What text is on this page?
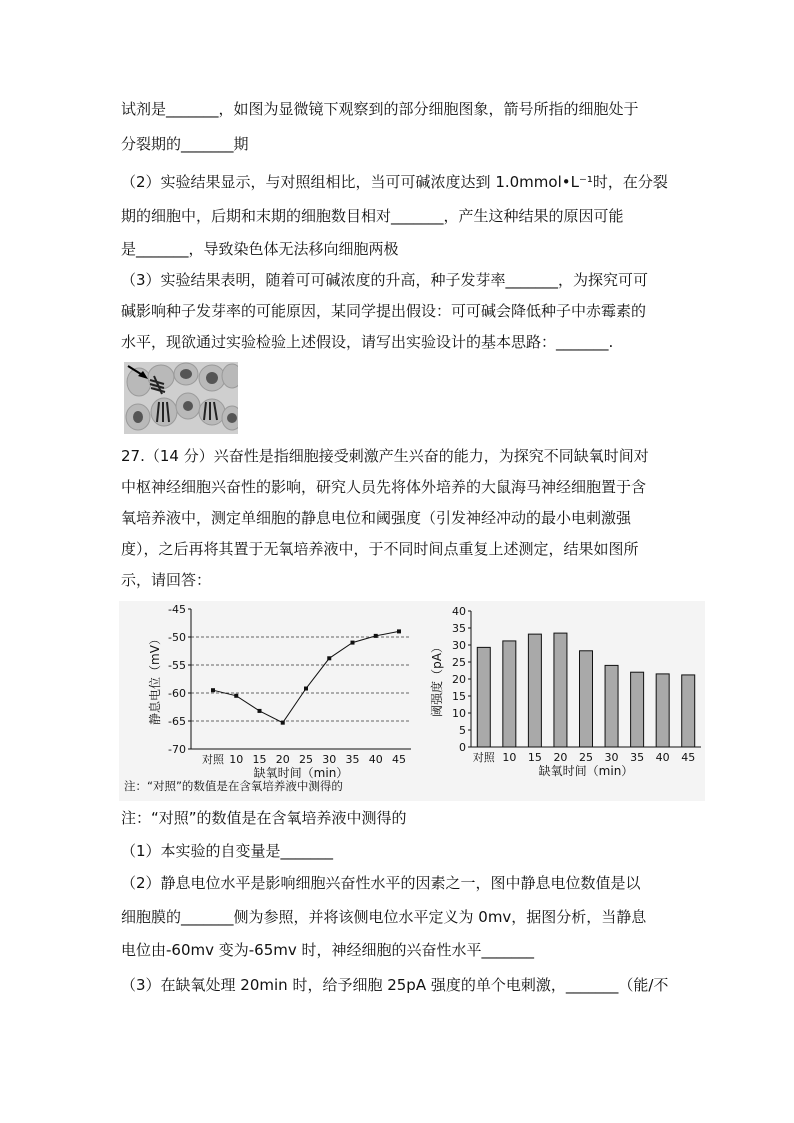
试剂是_______，如图为显微镜下观察到的部分细胞图象，箭号所指的细胞处于
分裂期的_______期
（2）实验结果显示，与对照组相比，当可可碱浓度达到 1.0mmol•L⁻¹时，在分裂
期的细胞中，后期和末期的细胞数目相对_______，产生这种结果的原因可能
是_______，导致染色体无法移向细胞两极
（3）实验结果表明，随着可可碱浓度的升高，种子发芽率_______，为探究可可
碱影响种子发芽率的可能原因，某同学提出假设：可可碱会降低种子中赤霉素的
水平，现欲通过实验检验上述假设，请写出实验设计的基本思路：_______.
27.（14 分）兴奋性是指细胞接受刺激产生兴奋的能力，为探究不同缺氧时间对
中枢神经细胞兴奋性的影响，研究人员先将体外培养的大鼠海马神经细胞置于含
氧培养液中，测定单细胞的静息电位和阈强度（引发神经冲动的最小电刺激强
度），之后再将其置于无氧培养液中，于不同时间点重复上述测定，结果如图所
示，请回答：
-45
-50
-55
-60
-65
-70
对照 10 15 20 25 30 35 40 45
静息电位（mV）
缺氧时间（min）
0
5
10
15
20
25
30
35
40
对照 10 15 20 25 30 35 40 45
阈强度（pA）
缺氧时间（min）
注：“对照”的数值是在含氧培养液中测得的
注：“对照”的数值是在含氧培养液中测得的
（1）本实验的自变量是_______
（2）静息电位水平是影响细胞兴奋性水平的因素之一，图中静息电位数值是以
细胞膜的_______侧为参照，并将该侧电位水平定义为 0mv，据图分析，当静息
电位由-60mv 变为-65mv 时，神经细胞的兴奋性水平_______
（3）在缺氧处理 20min 时，给予细胞 25pA 强度的单个电刺激，_______（能/不
